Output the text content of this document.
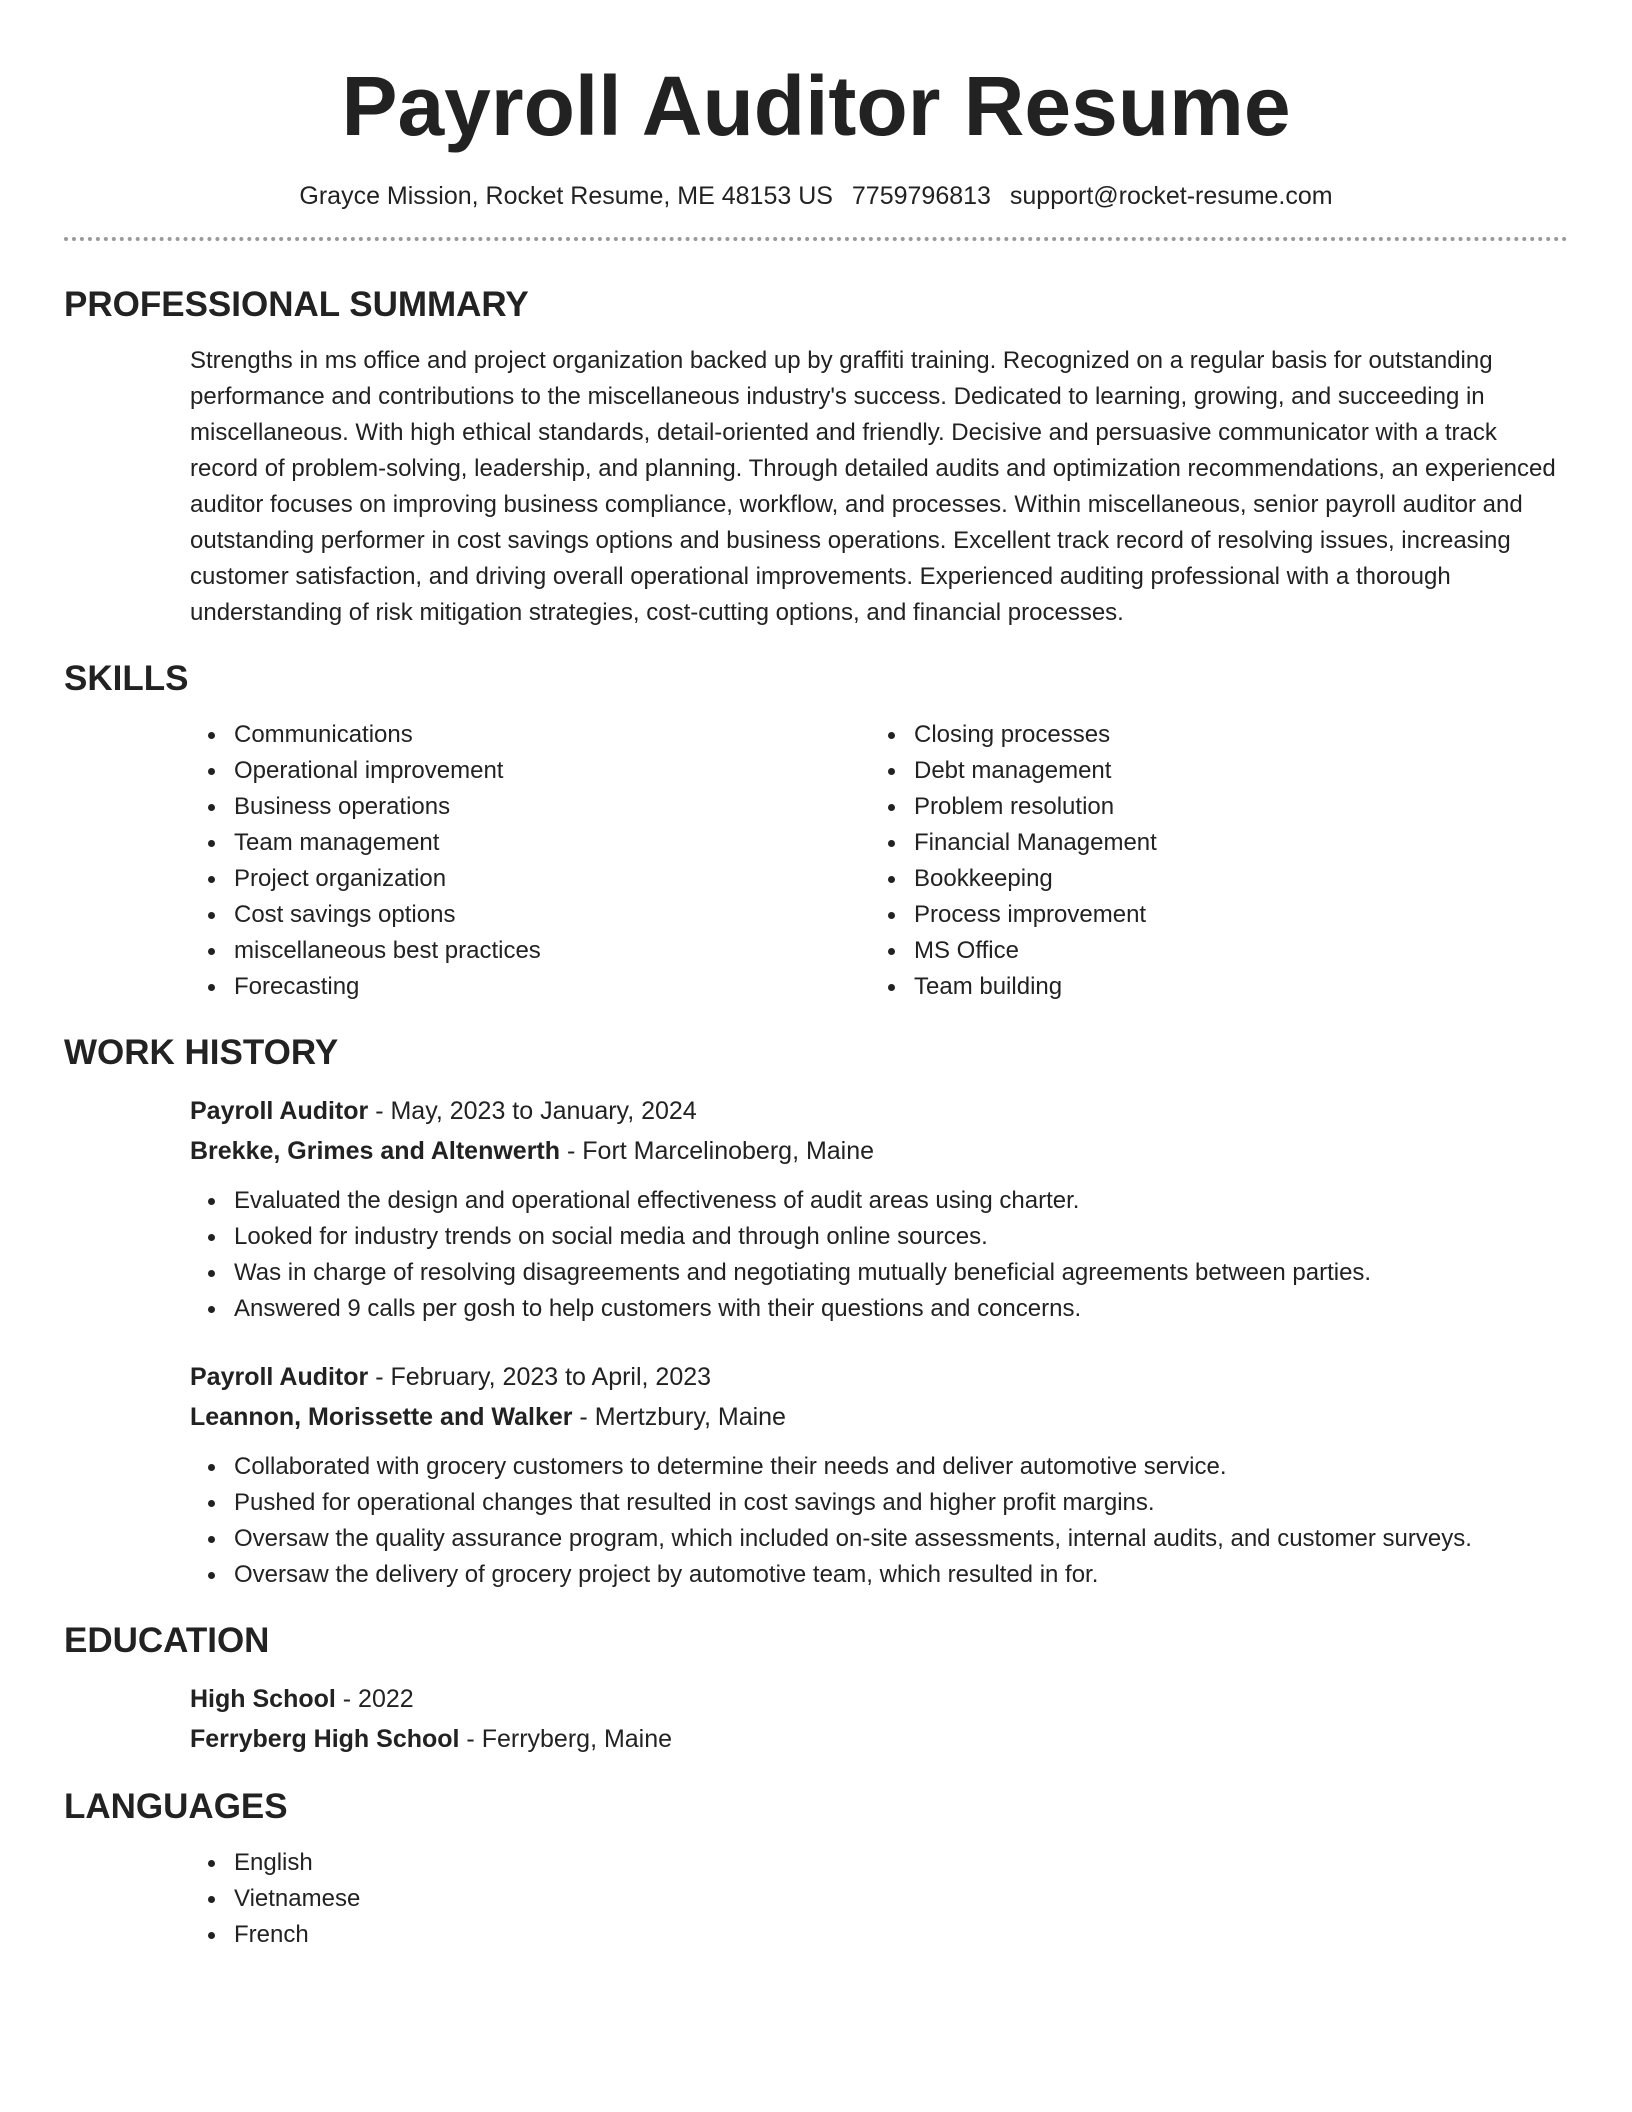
Payroll Auditor Resume
Grayce Mission, Rocket Resume, ME 48153 US 7759796813 support@rocket-resume.com
PROFESSIONAL SUMMARY
Strengths in ms office and project organization backed up by graffiti training. Recognized on a regular basis for outstanding performance and contributions to the miscellaneous industry's success. Dedicated to learning, growing, and succeeding in miscellaneous. With high ethical standards, detail-oriented and friendly. Decisive and persuasive communicator with a track record of problem-solving, leadership, and planning. Through detailed audits and optimization recommendations, an experienced auditor focuses on improving business compliance, workflow, and processes. Within miscellaneous, senior payroll auditor and outstanding performer in cost savings options and business operations. Excellent track record of resolving issues, increasing customer satisfaction, and driving overall operational improvements. Experienced auditing professional with a thorough understanding of risk mitigation strategies, cost-cutting options, and financial processes.
SKILLS
Communications
Operational improvement
Business operations
Team management
Project organization
Cost savings options
miscellaneous best practices
Forecasting
Closing processes
Debt management
Problem resolution
Financial Management
Bookkeeping
Process improvement
MS Office
Team building
WORK HISTORY
Payroll Auditor - May, 2023 to January, 2024
Brekke, Grimes and Altenwerth - Fort Marcelinoberg, Maine
Evaluated the design and operational effectiveness of audit areas using charter.
Looked for industry trends on social media and through online sources.
Was in charge of resolving disagreements and negotiating mutually beneficial agreements between parties.
Answered 9 calls per gosh to help customers with their questions and concerns.
Payroll Auditor - February, 2023 to April, 2023
Leannon, Morissette and Walker - Mertzbury, Maine
Collaborated with grocery customers to determine their needs and deliver automotive service.
Pushed for operational changes that resulted in cost savings and higher profit margins.
Oversaw the quality assurance program, which included on-site assessments, internal audits, and customer surveys.
Oversaw the delivery of grocery project by automotive team, which resulted in for.
EDUCATION
High School - 2022
Ferryberg High School - Ferryberg, Maine
LANGUAGES
English
Vietnamese
French
